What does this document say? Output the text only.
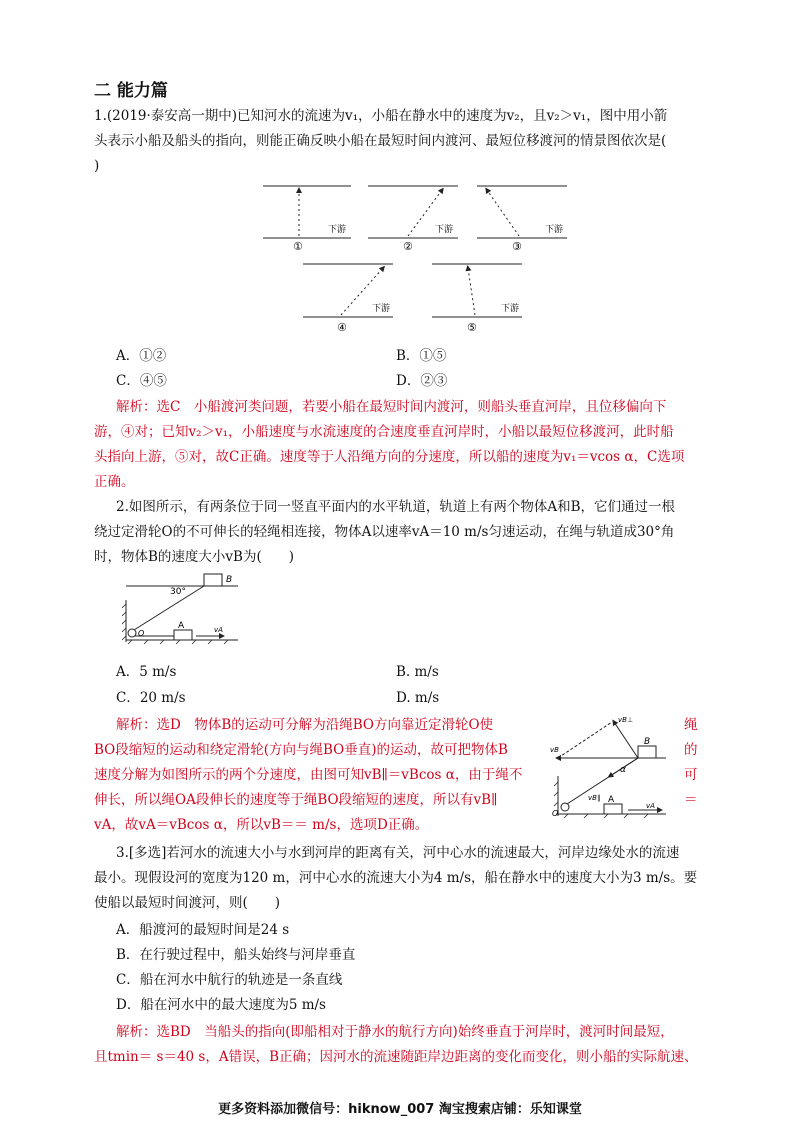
二 能力篇
1.(2019·泰安高一期中)已知河水的流速为v₁，小船在静水中的速度为v₂，且v₂＞v₁，图中用小箭
头表示小船及船头的指向，则能正确反映小船在最短时间内渡河、最短位移渡河的情景图依次是(
)
①
下游
②
下游
③
下游
④
下游
⑤
下游
A．①②	B．①⑤
C．④⑤	D．②③
解析：选C　小船渡河类问题，若要小船在最短时间内渡河，则船头垂直河岸，且位移偏向下
游，④对；已知v₂＞v₁，小船速度与水流速度的合速度垂直河岸时，小船以最短位移渡河，此时船
头指向上游，⑤对，故C正确。速度等于人沿绳方向的分速度，所以船的速度为v₁＝vcos α，C选项
正确。
2.如图所示，有两条位于同一竖直平面内的水平轨道，轨道上有两个物体A和B，它们通过一根
绕过定滑轮O的不可伸长的轻绳相连接，物体A以速率vA＝10 m/s匀速运动，在绳与轨道成30°角
时，物体B的速度大小vB为(　　)
30°
B
A
O	vA
A．5 m/s	B. m/s
C．20 m/s	D. m/s
解析：选D　物体B的运动可分解为沿绳BO方向靠近定滑轮O使
BO段缩短的运动和绕定滑轮(方向与绳BO垂直)的运动，故可把物体B
速度分解为如图所示的两个分速度，由图可知vB∥＝vBcos α，由于绳不
伸长，所以绳OA段伸长的速度等于绳BO段缩短的速度，所以有vB∥
vA，故vA＝vBcos α，所以vB＝＝ m/s，选项D正确。
绳
的
可
＝
vB⊥
vB
vB∥
B
A
O
α
vA
3.[多选]若河水的流速大小与水到河岸的距离有关，河中心水的流速最大，河岸边缘处水的流速
最小。现假设河的宽度为120 m，河中心水的流速大小为4 m/s，船在静水中的速度大小为3 m/s。要
使船以最短时间渡河，则(　　)
A．船渡河的最短时间是24 s
B．在行驶过程中，船头始终与河岸垂直
C．船在河水中航行的轨迹是一条直线
D．船在河水中的最大速度为5 m/s
解析：选BD　当船头的指向(即船相对于静水的航行方向)始终垂直于河岸时，渡河时间最短，
且tmin＝ s＝40 s，A错误，B正确；因河水的流速随距岸边距离的变化而变化，则小船的实际航速、
更多资料添加微信号：hiknow_007 淘宝搜索店铺：乐知课堂
